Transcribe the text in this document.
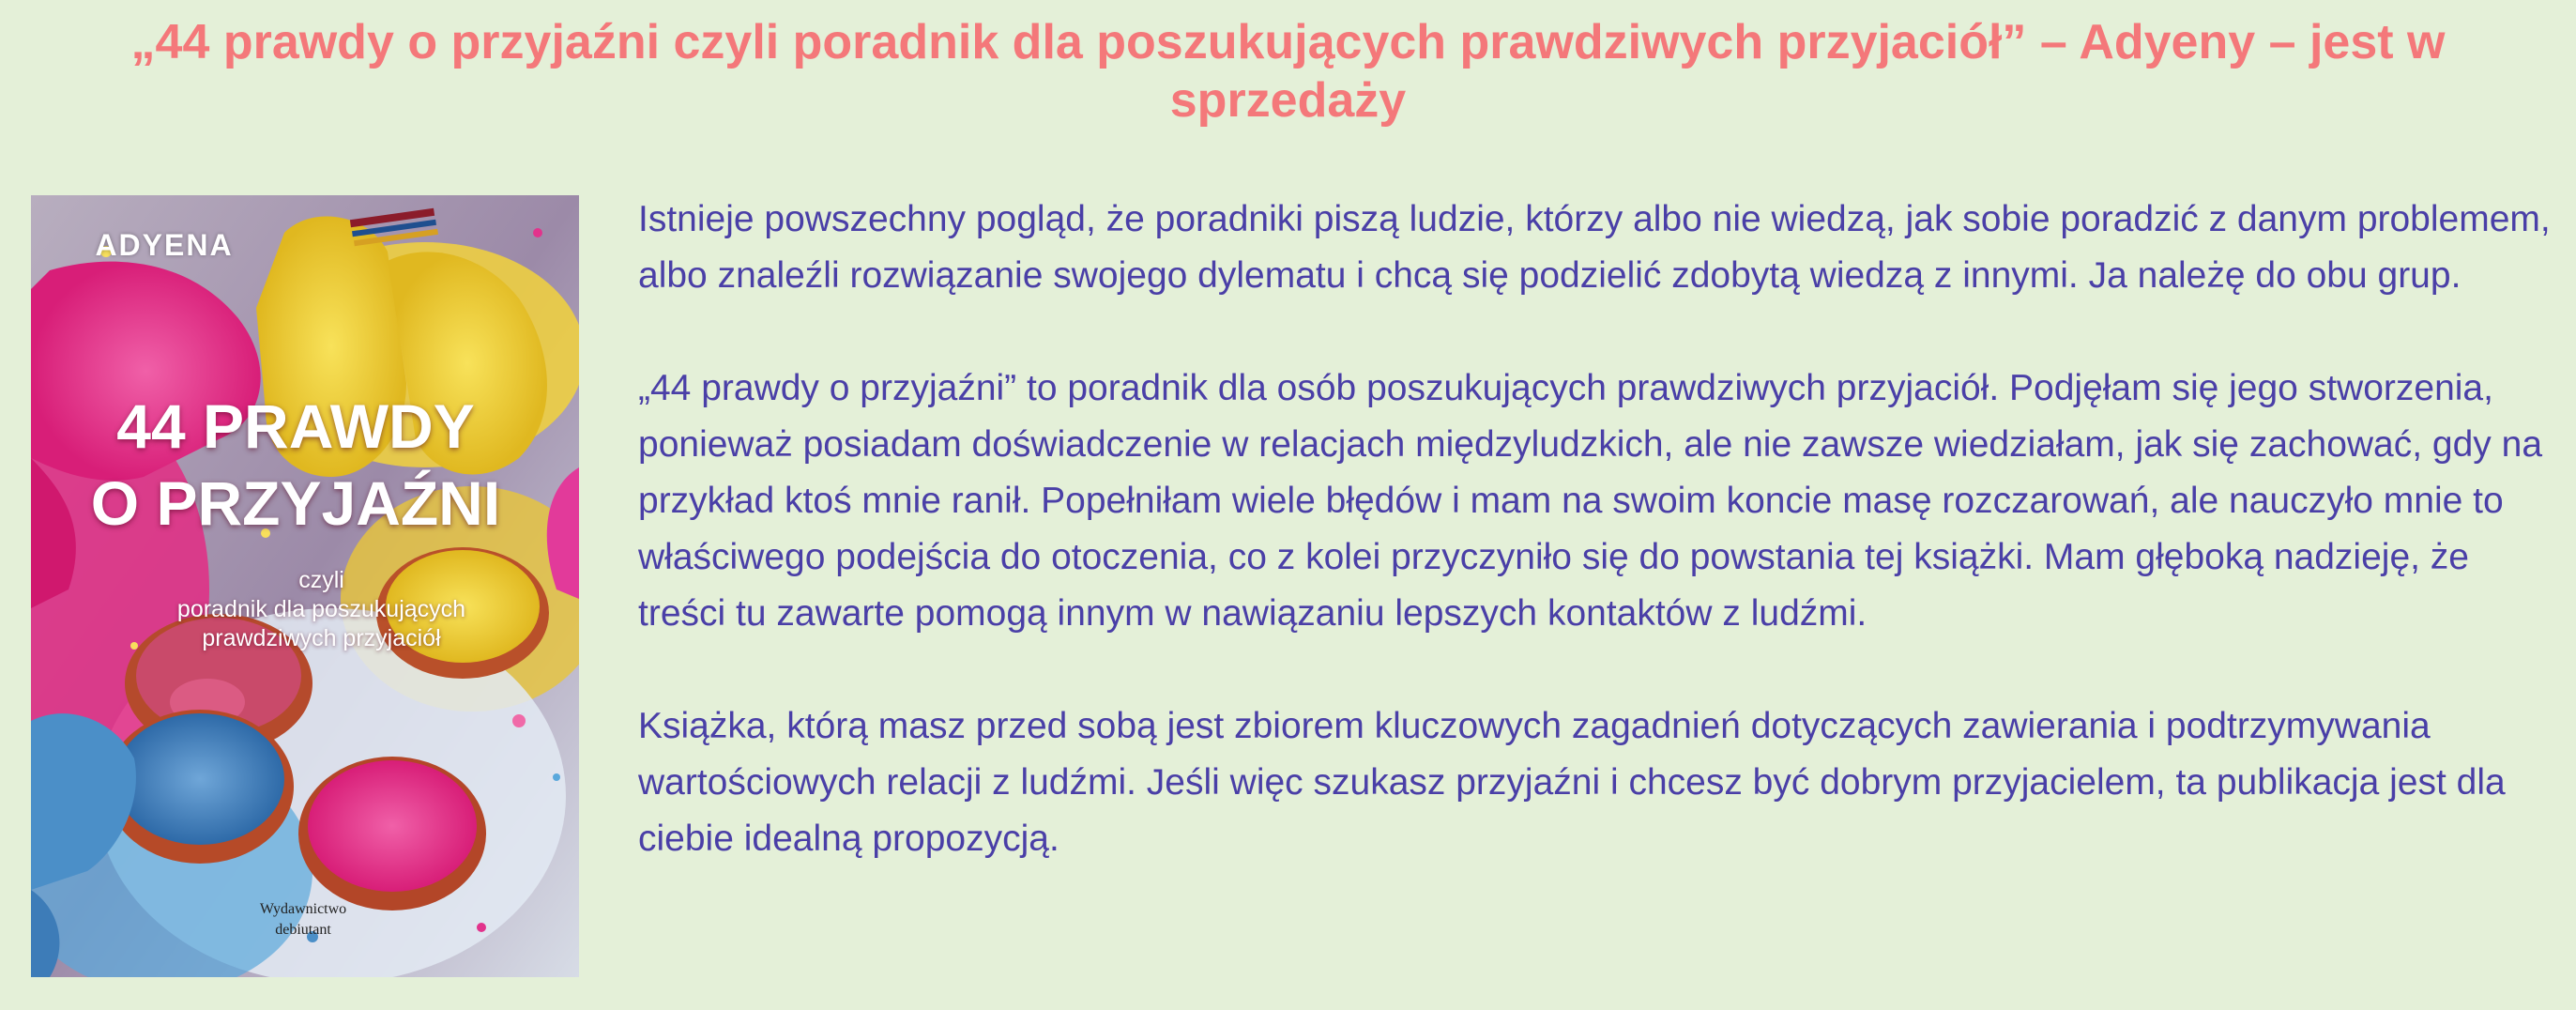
„44 prawdy o przyjaźni czyli poradnik dla poszukujących prawdziwych przyjaciół” – Adyeny – jest w sprzedaży
ADYENA
44 PRAWDY
O PRZYJAŹNI
czyli
poradnik dla poszukujących
prawdziwych przyjaciół
Wydawnictwo
debiutant

Istnieje powszechny pogląd, że poradniki piszą ludzie, którzy albo nie wiedzą, jak sobie poradzić z danym problemem, albo znaleźli rozwiązanie swojego dylematu i chcą się podzielić zdobytą wiedzą z innymi. Ja należę do obu grup.

„44 prawdy o przyjaźni” to poradnik dla osób poszukujących prawdziwych przyjaciół. Podjęłam się jego stworzenia, ponieważ posiadam doświadczenie w relacjach międzyludzkich, ale nie zawsze wiedziałam, jak się zachować, gdy na przykład ktoś mnie ranił. Popełniłam wiele błędów i mam na swoim koncie masę rozczarowań, ale nauczyło mnie to właściwego podejścia do otoczenia, co z kolei przyczyniło się do powstania tej książki. Mam głęboką nadzieję, że treści tu zawarte pomogą innym w nawiązaniu lepszych kontaktów z ludźmi.

Książka, którą masz przed sobą jest zbiorem kluczowych zagadnień dotyczących zawierania i podtrzymywania wartościowych relacji z ludźmi. Jeśli więc szukasz przyjaźni i chcesz być dobrym przyjacielem, ta publikacja jest dla ciebie idealną propozycją.
